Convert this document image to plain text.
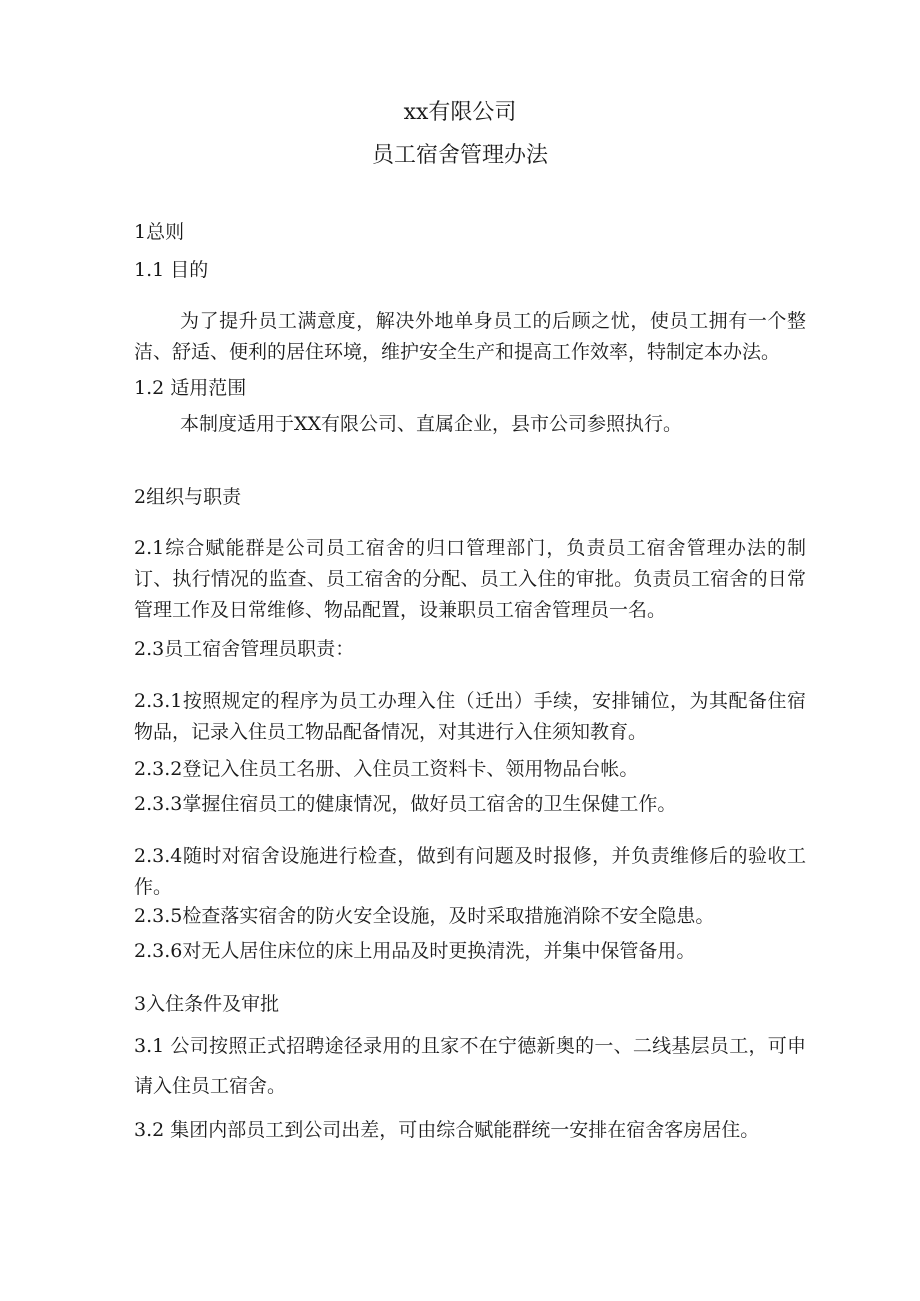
xx有限公司
员工宿舍管理办法
1总则
1.1 目的
为了提升员工满意度，解决外地单身员工的后顾之忧，使员工拥有一个整洁、舒适、便利的居住环境，维护安全生产和提高工作效率，特制定本办法。
1.2 适用范围
本制度适用于XX有限公司、直属企业，县市公司参照执行。
2组织与职责
2.1综合赋能群是公司员工宿舍的归口管理部门，负责员工宿舍管理办法的制订、执行情况的监查、员工宿舍的分配、员工入住的审批。负责员工宿舍的日常管理工作及日常维修、物品配置，设兼职员工宿舍管理员一名。
2.3员工宿舍管理员职责：
2.3.1按照规定的程序为员工办理入住（迁出）手续，安排铺位，为其配备住宿物品，记录入住员工物品配备情况，对其进行入住须知教育。
2.3.2登记入住员工名册、入住员工资料卡、领用物品台帐。
2.3.3掌握住宿员工的健康情况，做好员工宿舍的卫生保健工作。
2.3.4随时对宿舍设施进行检查，做到有问题及时报修，并负责维修后的验收工作。
2.3.5检查落实宿舍的防火安全设施，及时采取措施消除不安全隐患。
2.3.6对无人居住床位的床上用品及时更换清洗，并集中保管备用。
3入住条件及审批
3.1 公司按照正式招聘途径录用的且家不在宁德新奥的一、二线基层员工，可申请入住员工宿舍。
3.2 集团内部员工到公司出差，可由综合赋能群统一安排在宿舍客房居住。
